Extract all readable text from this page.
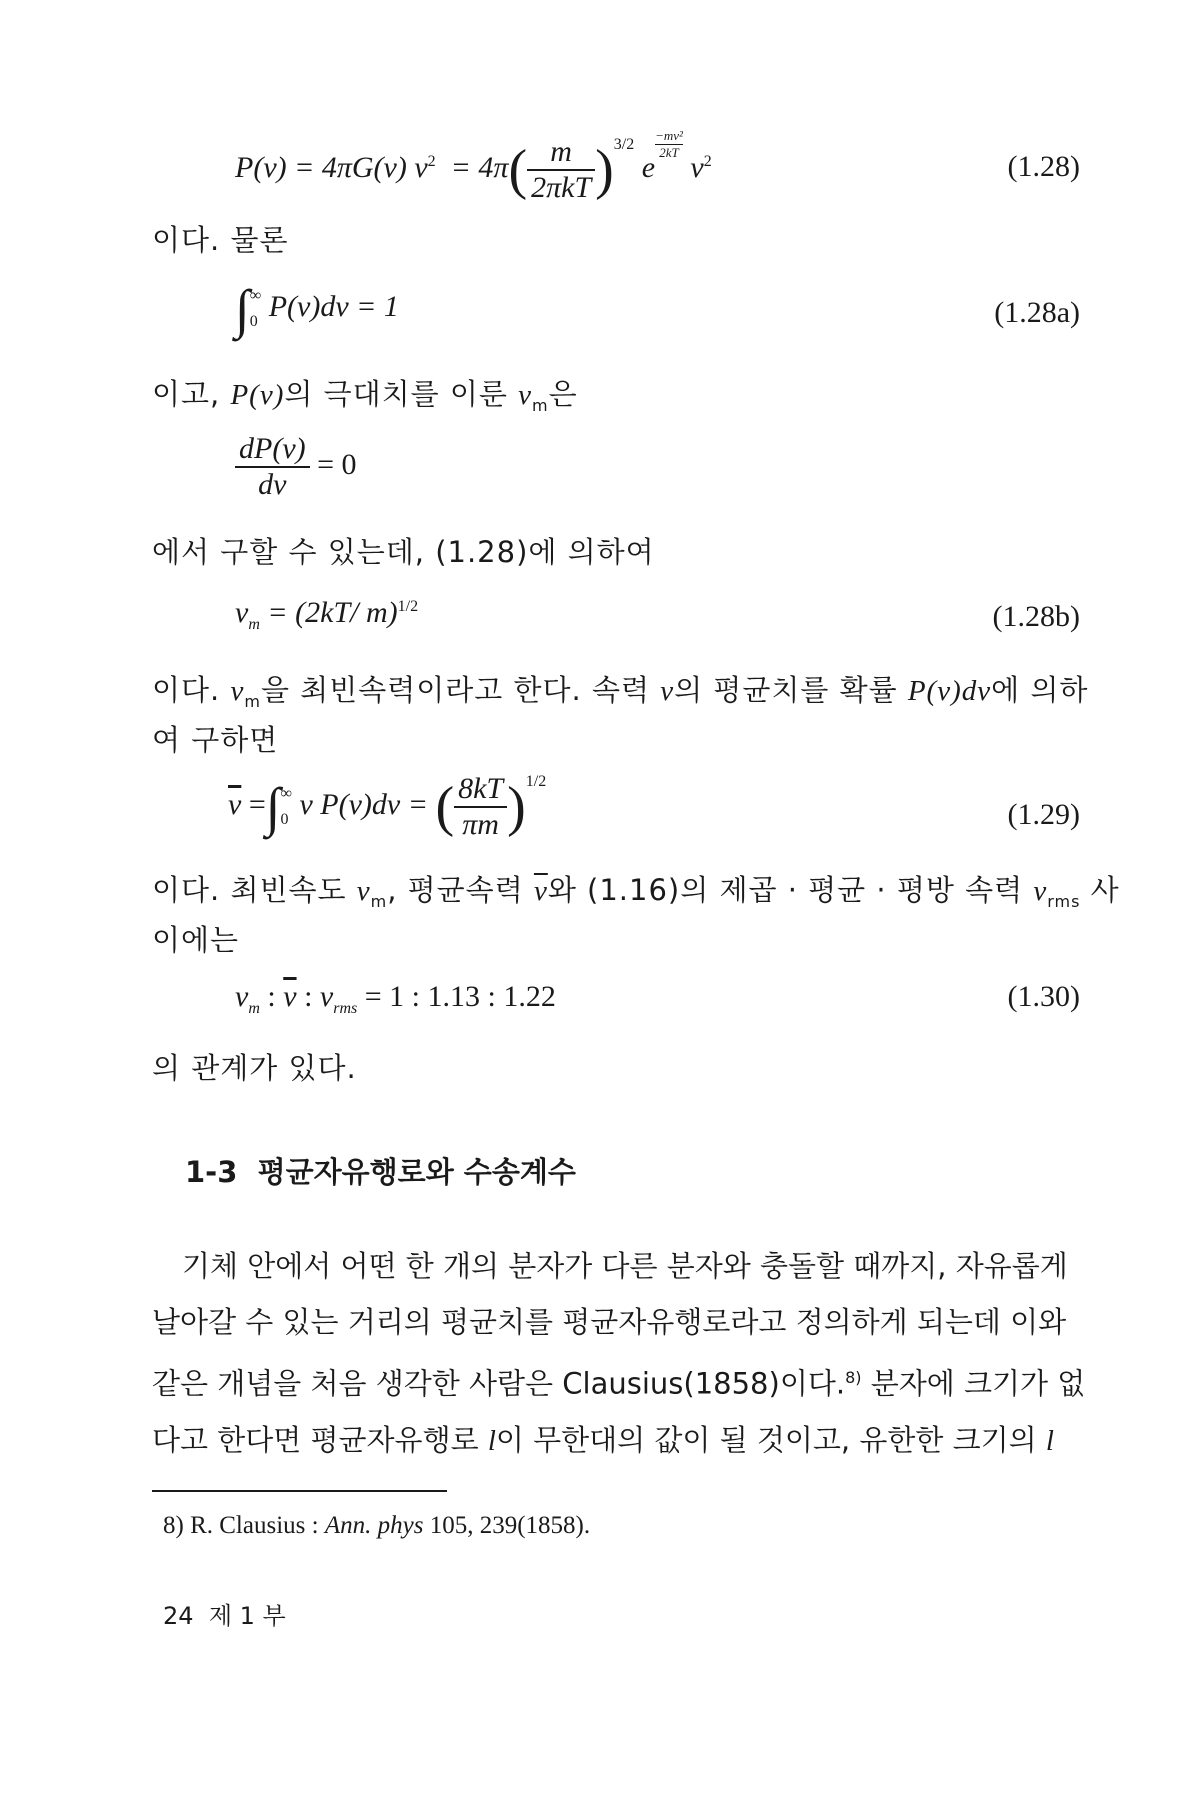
P(v) = 4πG(v) $v^2 = 4\pi( \frac{m}{\text{2πkT}} )^{3/2}$ e
$\frac{\text{−mv²}}{2kT}$
$v^2$	(1.28)
이다. 물론
∫ ∞
0 P(v)dv = 1	(1.28a)
이고, P(v)의 극대치를 이룬 $v_m$은
$\frac{dP(v)}{dv} = 0$
에서 구할 수 있는데, (1.28)에 의하여
$v_m = (2kT/$ m)$^{1/2}$	(1.28b)
이다. $v_m$을 최빈속력이라고 한다. 속력 v의 평균치를 확률 P(v)dv에 의하
여 구하면
$\overline{v}$ =∫ ∞
0 v P(v)dv = ( $\frac{8kT}{\pi m} )^{1/2}$
(1.29)
이다. 최빈속도 $v_m$, 평균속력 $\overline{v}$와 (1.16)의 제곱 · 평균 · 평방 속력 $v_{rms}$ 사
이에는
$v_m$ : $\overline{v}$ : $v_{rms} = 1$ : 1.13 : 1.22	(1.30)
의 관계가 있다.
1-3 평균자유행로와 수송계수
기체 안에서 어떤 한 개의 분자가 다른 분자와 충돌할 때까지, 자유롭게
날아갈 수 있는 거리의 평균치를 평균자유행로라고 정의하게 되는데 이와
같은 개념을 처음 생각한 사람은 Clausius(1858)이다.$^{8)}$ 분자에 크기가 없
다고 한다면 평균자유행로 l이 무한대의 값이 될 것이고, 유한한 크기의 l
8) R. Clausius : Ann. phys 105, 239(1858).
24 제 1 부
